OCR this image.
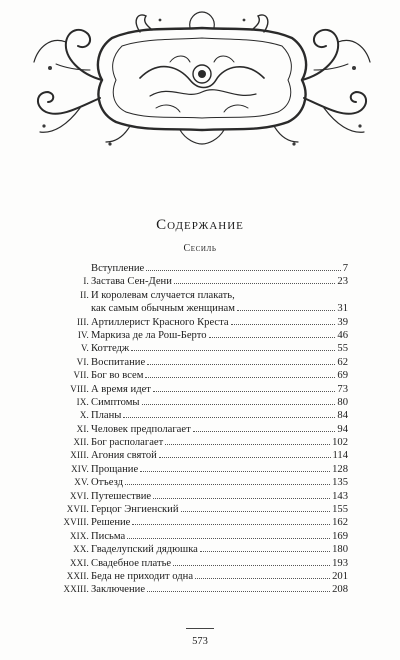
Содержание
Сесиль
Вступление	7
I. Застава Сен-Дени	23
II. И королевам случается плакать,
как самым обычным женщинам	31
III. Артиллерист Красного Креста	39
IV. Маркиза де ла Рош-Берто	46
V. Коттедж	55
VI. Воспитание	62
VII. Бог во всем	69
VIII. А время идет	73
IX. Симптомы	80
X. Планы	84
XI. Человек предполагает	94
XII. Бог располагает	102
XIII. Агония святой	114
XIV. Прощание	128
XV. Отъезд	135
XVI. Путешествие	143
XVII. Герцог Энгиенский	155
XVIII. Решение	162
XIX. Письма	169
XX. Гваделупский дядюшка	180
XXI. Свадебное платье	193
XXII. Беда не приходит одна	201
XXIII. Заключение	208
573
